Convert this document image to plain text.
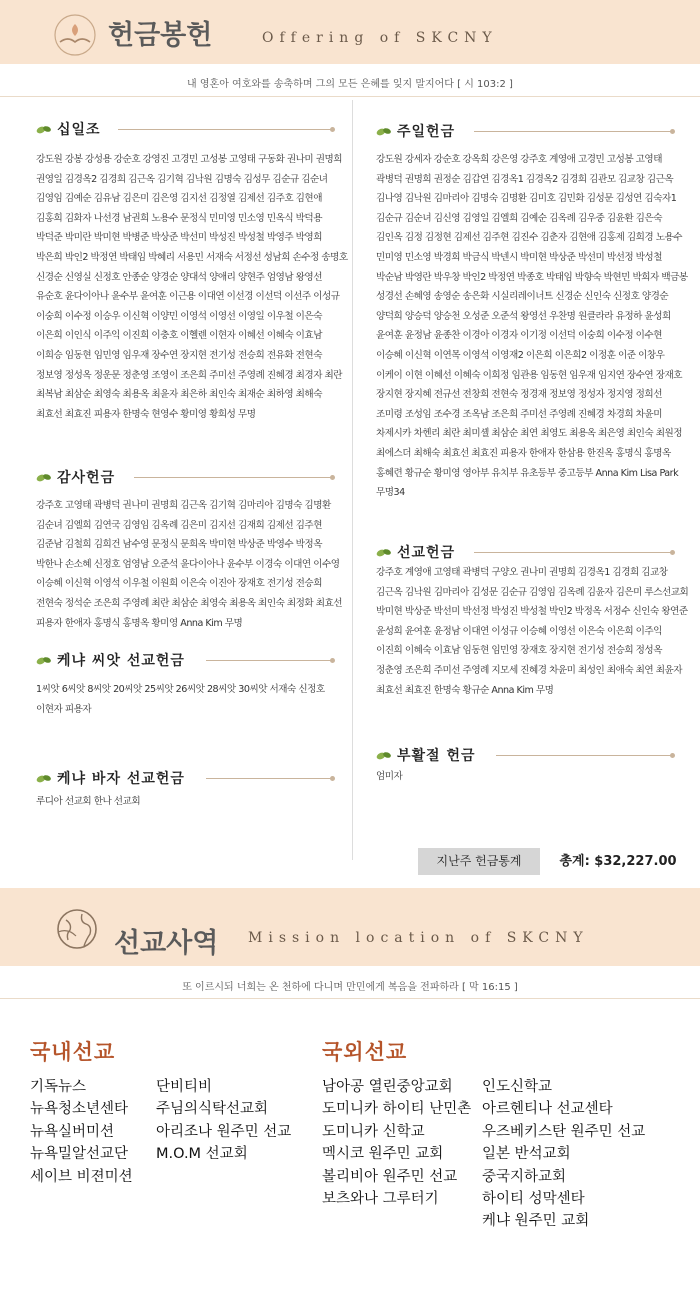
헌금봉헌	Offering of SKCNY
내 영혼아 여호와를 송축하며 그의 모든 은혜를 잊지 말지어다 [ 시 103:2 ]
십일조
강도원 강봉 강성용 강순호 강영진 고경민 고성봉 고영태 구동화 권나미 권명희 권영일 김경옥2 김경희 김근옥 김기혁 김낙원 김명숙 김성무 김순규 김순녀 김영임 김예순 김유남 김은미 김은영 김지선 김정열 김제선 김주호 김현애 김홍희 김화자 나선경 남권희 노용수 문정식 민미영 민소영 민옥식 박덕용 박덕준 박미란 박미현 박병준 박상준 박선미 박성진 박성철 박영주 박영희 박은희 박인2 박정연 박태임 박혜리 서용민 서재숙 서정선 성남희 손수정 송명호 신경순 신영실 신정호 안종순 양경순 양대석 양애리 양현주 엄영남 왕영선 유순호 윤다이아나 윤수부 윤여훈 이근용 이대연 이선경 이선덕 이선주 이성규 이숭희 이수정 이승우 이신혁 이양민 이영석 이영선 이영일 이우철 이은숙 이은희 이인식 이주익 이진희 이충호 이헬렌 이현자 이혜선 이혜숙 이효남 이희승 임동현 임민영 임우재 장수연 장지현 전기성 전승희 전유화 전현숙 정보영 정성옥 정운문 정춘영 조영이 조은희 주미선 주영례 진혜경 최경자 최란 최복남 최삼순 최영숙 최용옥 최윤자 최은하 최인숙 최재순 최하영 최해숙 최효선 최효진 피용자 한명숙 현영수 황미영 황희성 무명
감사헌금
강주호 고영태 곽병덕 권나미 권명희 김근옥 김기혁 김마리아 김명숙 김명환 김순녀 김엘희 김연국 김영임 김옥례 김은미 김지선 김재희 김제선 김주현 김준남 김철희 김희건 남수영 문정식 문희옥 박미현 박상준 박영수 박정옥 박한나 손소혜 신정호 엄영남 오준석 윤다이아나 윤수부 이경숙 이대연 이수영 이승혜 이신혁 이영석 이우철 이원희 이은숙 이진아 장재호 전기성 전승희 전현숙 정석순 조은희 주영례 최란 최삼순 최영숙 최용옥 최인숙 최정화 최효선 피용자 한애자 홍명식 홍명옥 황미영 Anna Kim 무명
케냐 씨앗 선교헌금
1씨앗 6씨앗 8씨앗 20씨앗 25씨앗 26씨앗 28씨앗 30씨앗 서재숙 신정호 이현자 피용자
케냐 바자 선교헌금
루디아 선교회 한나 선교회
주일헌금
강도원 강세자 강순호 강옥희 강은영 강주호 계영애 고경민 고성봉 고영태 곽병덕 권명희 권정순 김갑연 김경옥1 김경옥2 김경희 김관모 김교창 김근옥 김나영 김낙원 김마리아 김명숙 김명환 김미호 김민화 김성문 김성연 김숙자1 김순규 김순녀 김신영 김영일 김엘희 김예순 김옥례 김우중 김윤환 김은숙 김인옥 김정 김정현 김제선 김주현 김진수 김춘자 김현애 김홍제 김희경 노용수 민미영 민소영 박경희 박금식 박넨시 박미현 박상준 박선미 박선정 박성철 박순남 박영란 박우창 박인2 박정연 박종호 박태임 박향숙 박현민 박희자 백금봉 성경선 손혜영 송영순 송은화 시실리레이너트 신경순 신인숙 신정호 양경순 양덕희 양승덕 양승천 오성준 오준석 왕영선 우찬명 원클라라 유정하 윤성희 윤여훈 윤정남 윤종찬 이경아 이경자 이기정 이선덕 이숭희 이수정 이수현 이승혜 이신혁 이연목 이영석 이영재2 이은희 이은희2 이정훈 이준 이창우 이케이 이현 이혜선 이혜숙 이희정 임관용 임동현 임우재 임지연 장수연 장재호 장지현 장지혜 전규선 전창희 전현숙 정경재 정보영 정성자 정지영 정희선 조미령 조성임 조수경 조옥남 조은희 주미선 주영례 진혜경 차경희 차윤미 차제시카 차헨리 최란 최미셸 최삼순 최연 최영도 최용옥 최은영 최인숙 최원정 최에스더 최해숙 최효선 최효진 피용자 한애자 한삼용 한진옥 홍명식 홍명옥 홍혜련 황규순 황미영 영아부 유치부 유초등부 중고등부 Anna Kim Lisa Park 무명34
선교헌금
강주호 계영애 고영태 곽병덕 구양오 권나미 권명희 김경옥1 김경희 김교창 김근옥 김낙원 김마리아 김성문 김순규 김영임 김옥례 김윤자 김은미 루스선교회 박미현 박상준 박선미 박선정 박성진 박성철 박인2 박정옥 서정수 신인숙 왕연준 윤성희 윤여훈 윤정남 이대연 이성규 이승혜 이영선 이은숙 이은희 이주익 이진희 이혜숙 이효남 임동현 임민영 장재호 장지현 전기성 전승희 정성옥 정춘영 조은희 주미선 주영례 지모세 진혜경 차윤미 최성인 최애숙 최연 최윤자 최효선 최효진 한명숙 황규순 Anna Kim 무명
부활절 헌금
엄미자
지난주 헌금통계	총계: $32,227.00
선교사역 Mission location of SKCNY
또 이르시되 너희는 온 천하에 다니며 만민에게 복음을 전파하라 [ 막 16:15 ]
국내선교
기독뉴스
뉴욕청소년센타
뉴욕실버미션
뉴욕밀알선교단
세이브 비젼미션
단비티비
주님의식탁선교회
아리조나 원주민 선교
M.O.M 선교회
국외선교
남아공 열린중앙교회
도미니카 하이티 난민촌
도미니카 신학교
멕시코 원주민 교회
볼리비아 원주민 선교
보츠와나 그루터기
인도신학교
아르헨티나 선교센타
우즈베키스탄 원주민 선교
일본 반석교회
중국지하교회
하이티 성막센타
케냐 원주민 교회
